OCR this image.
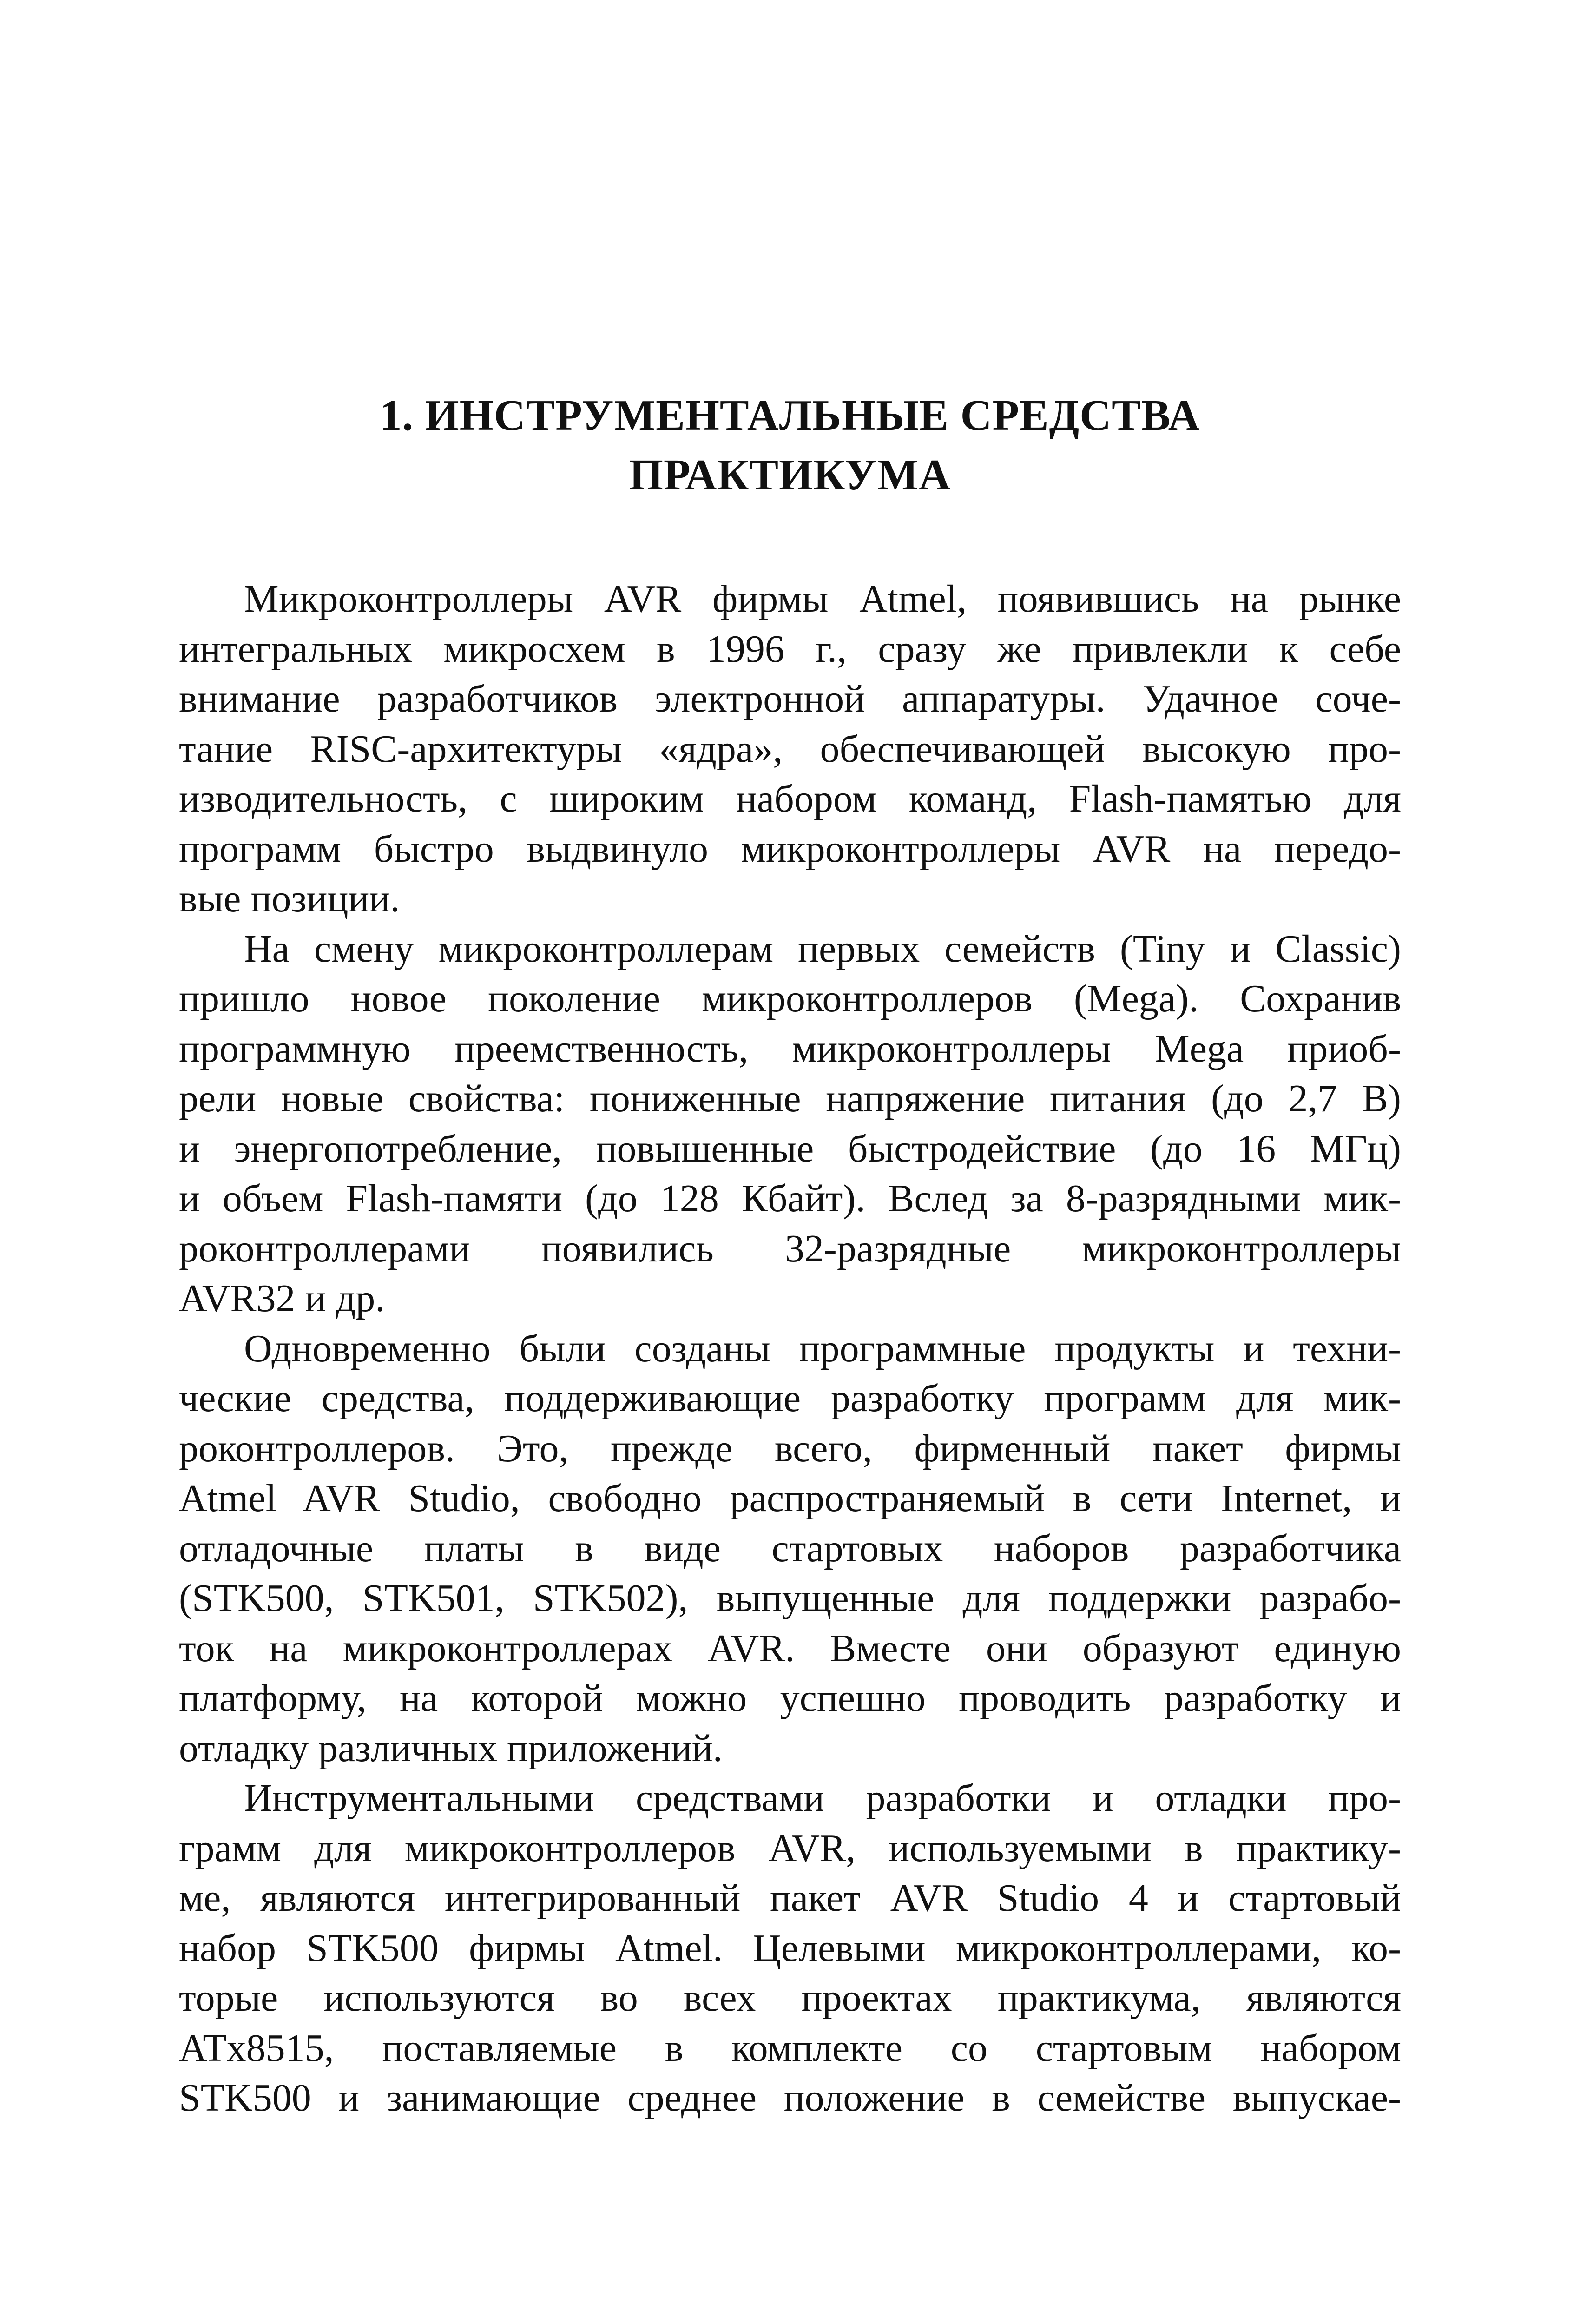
1. ИНСТРУМЕНТАЛЬНЫЕ СРЕДСТВА
ПРАКТИКУМА
Микроконтроллеры AVR фирмы Atmel, появившись на рынке
интегральных микросхем в 1996 г., сразу же привлекли к себе
внимание разработчиков электронной аппаратуры. Удачное соче-
тание RISC-архитектуры «ядра», обеспечивающей высокую про-
изводительность, с широким набором команд, Flash-памятью для
программ быстро выдвинуло микроконтроллеры AVR на передо-
вые позиции.
На смену микроконтроллерам первых семейств (Tiny и Classic)
пришло новое поколение микроконтроллеров (Mega). Сохранив
программную преемственность, микроконтроллеры Mega приоб-
рели новые свойства: пониженные напряжение питания (до 2,7 В)
и энергопотребление, повышенные быстродействие (до 16 МГц)
и объем Flash-памяти (до 128 Кбайт). Вслед за 8-разрядными мик-
роконтроллерами появились 32-разрядные микроконтроллеры
AVR32 и др.
Одновременно были созданы программные продукты и техни-
ческие средства, поддерживающие разработку программ для мик-
роконтроллеров. Это, прежде всего, фирменный пакет фирмы
Atmel AVR Studio, свободно распространяемый в сети Internet, и
отладочные платы в виде стартовых наборов разработчика
(STK500, STK501, STK502), выпущенные для поддержки разрабо-
ток на микроконтроллерах AVR. Вместе они образуют единую
платформу, на которой можно успешно проводить разработку и
отладку различных приложений.
Инструментальными средствами разработки и отладки про-
грамм для микроконтроллеров AVR, используемыми в практику-
ме, являются интегрированный пакет AVR Studio 4 и стартовый
набор STK500 фирмы Atmel. Целевыми микроконтроллерами, ко-
торые используются во всех проектах практикума, являются
ATx8515, поставляемые в комплекте со стартовым набором
STK500 и занимающие среднее положение в семействе выпускае-
